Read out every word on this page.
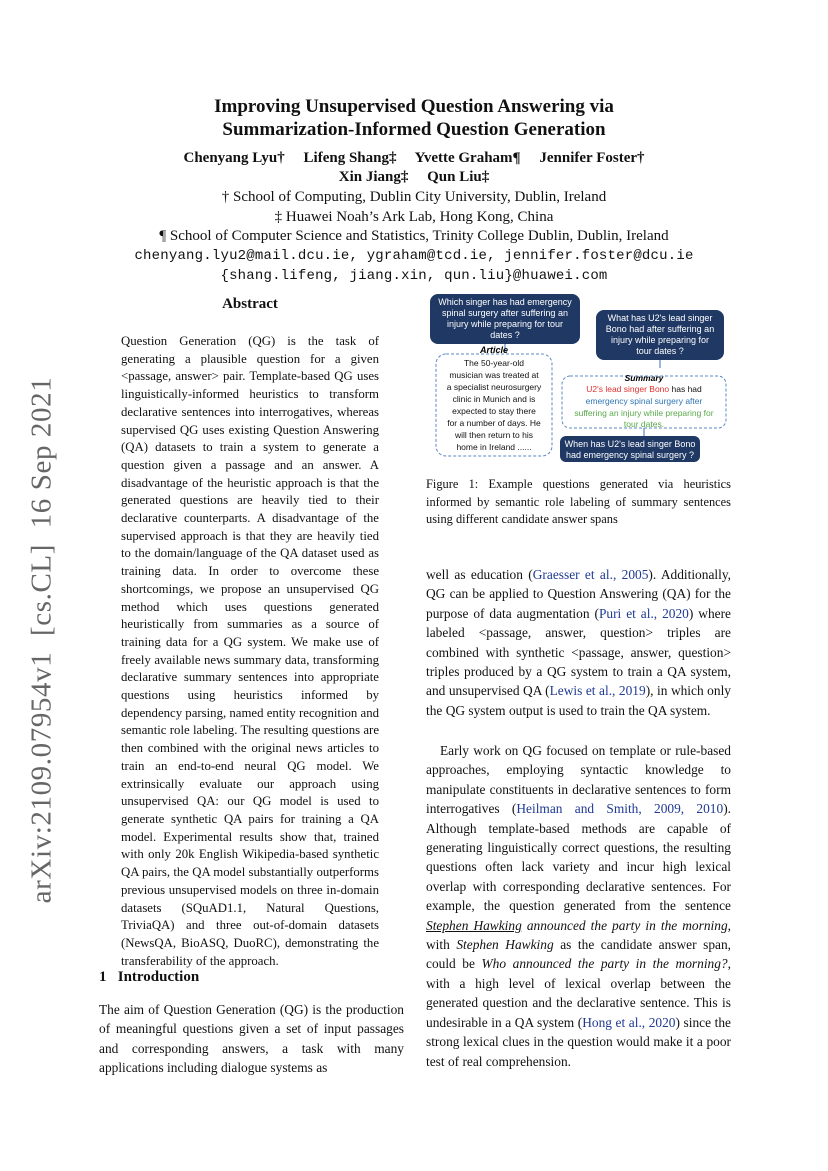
Improving Unsupervised Question Answering via
Summarization-Informed Question Generation
Chenyang Lyu†     Lifeng Shang‡     Yvette Graham¶     Jennifer Foster†
Xin Jiang‡     Qun Liu‡
† School of Computing, Dublin City University, Dublin, Ireland
‡ Huawei Noah’s Ark Lab, Hong Kong, China
¶ School of Computer Science and Statistics, Trinity College Dublin, Dublin, Ireland
chenyang.lyu2@mail.dcu.ie, ygraham@tcd.ie, jennifer.foster@dcu.ie
{shang.lifeng, jiang.xin, qun.liu}@huawei.com
arXiv:2109.07954v1  [cs.CL]  16 Sep 2021
Abstract
Question Generation (QG) is the task of generating a plausible question for a given <passage, answer> pair. Template-based QG uses linguistically-informed heuristics to transform declarative sentences into interrogatives, whereas supervised QG uses existing Question Answering (QA) datasets to train a system to generate a question given a passage and an answer. A disadvantage of the heuristic approach is that the generated questions are heavily tied to their declarative counterparts. A disadvantage of the supervised approach is that they are heavily tied to the domain/language of the QA dataset used as training data. In order to overcome these shortcomings, we propose an unsupervised QG method which uses questions generated heuristically from summaries as a source of training data for a QG system. We make use of freely available news summary data, transforming declarative summary sentences into appropriate questions using heuristics informed by dependency parsing, named entity recognition and semantic role labeling. The resulting questions are then combined with the original news articles to train an end-to-end neural QG model. We extrinsically evaluate our approach using unsupervised QA: our QG model is used to generate synthetic QA pairs for training a QA model. Experimental results show that, trained with only 20k English Wikipedia-based synthetic QA pairs, the QA model substantially outperforms previous unsupervised models on three in-domain datasets (SQuAD1.1, Natural Questions, TriviaQA) and three out-of-domain datasets (NewsQA, BioASQ, DuoRC), demonstrating the transferability of the approach.
1   Introduction
The aim of Question Generation (QG) is the production of meaningful questions given a set of input passages and corresponding answers, a task with many applications including dialogue systems as
Which singer has had emergency
spinal surgery after suffering an
injury while preparing for tour
dates ?
What has U2's lead singer
Bono had after suffering an
injury while preparing for
tour dates ?
Article
The 50-year-old
musician was treated at
a specialist neurosurgery
clinic in Munich and is
expected to stay there
for a number of days. He
will then return to his
home in Ireland ......
Summary
U2's lead singer Bono has had
emergency spinal surgery after
suffering an injury while preparing for
tour dates.
When has U2's lead singer Bono
had emergency spinal surgery ?
Figure 1: Example questions generated via heuristics informed by semantic role labeling of summary sentences using different candidate answer spans
well as education (Graesser et al., 2005). Additionally, QG can be applied to Question Answering (QA) for the purpose of data augmentation (Puri et al., 2020) where labeled <passage, answer, question> triples are combined with synthetic <passage, answer, question> triples produced by a QG system to train a QA system, and unsupervised QA (Lewis et al., 2019), in which only the QG system output is used to train the QA system.
Early work on QG focused on template or rule-based approaches, employing syntactic knowledge to manipulate constituents in declarative sentences to form interrogatives (Heilman and Smith, 2009, 2010). Although template-based methods are capable of generating linguistically correct questions, the resulting questions often lack variety and incur high lexical overlap with corresponding declarative sentences. For example, the question generated from the sentence Stephen Hawking announced the party in the morning, with Stephen Hawking as the candidate answer span, could be Who announced the party in the morning?, with a high level of lexical overlap between the generated question and the declarative sentence. This is undesirable in a QA system (Hong et al., 2020) since the strong lexical clues in the question would make it a poor test of real comprehension.
